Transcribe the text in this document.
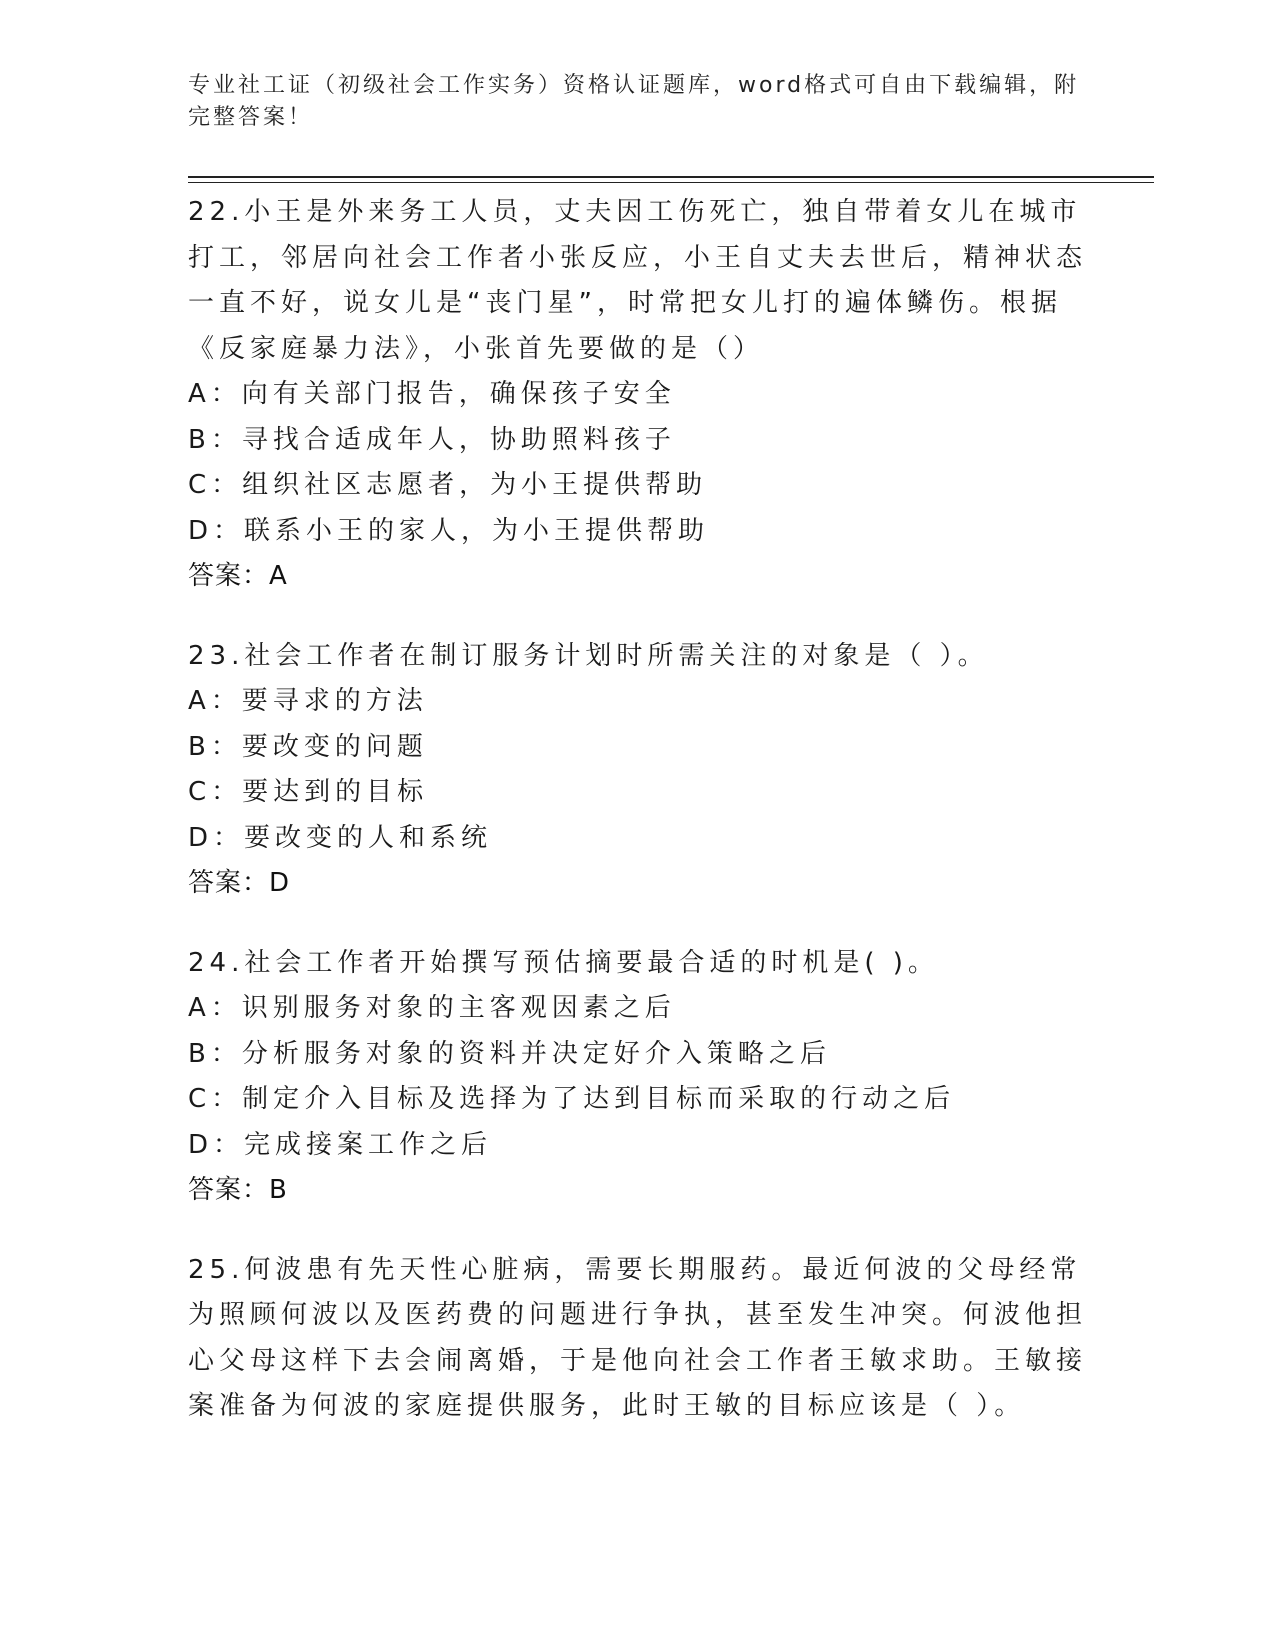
专业社工证（初级社会工作实务）资格认证题库，word格式可自由下载编辑，附完整答案！

22.小王是外来务工人员，丈夫因工伤死亡，独自带着女儿在城市打工，邻居向社会工作者小张反应，小王自丈夫去世后，精神状态一直不好，说女儿是“丧门星”，时常把女儿打的遍体鳞伤。根据《反家庭暴力法》，小张首先要做的是（）

A：向有关部门报告，确保孩子安全

B：寻找合适成年人，协助照料孩子

C：组织社区志愿者，为小王提供帮助

D：联系小王的家人，为小王提供帮助

答案：A

23.社会工作者在制订服务计划时所需关注的对象是（ ）。

A：要寻求的方法

B：要改变的问题

C：要达到的目标

D：要改变的人和系统

答案：D

24.社会工作者开始撰写预估摘要最合适的时机是( )。

A：识别服务对象的主客观因素之后

B：分析服务对象的资料并决定好介入策略之后

C：制定介入目标及选择为了达到目标而采取的行动之后

D：完成接案工作之后

答案：B

25.何波患有先天性心脏病，需要长期服药。最近何波的父母经常为照顾何波以及医药费的问题进行争执，甚至发生冲突。何波他担心父母这样下去会闹离婚，于是他向社会工作者王敏求助。王敏接案准备为何波的家庭提供服务，此时王敏的目标应该是（ ）。
